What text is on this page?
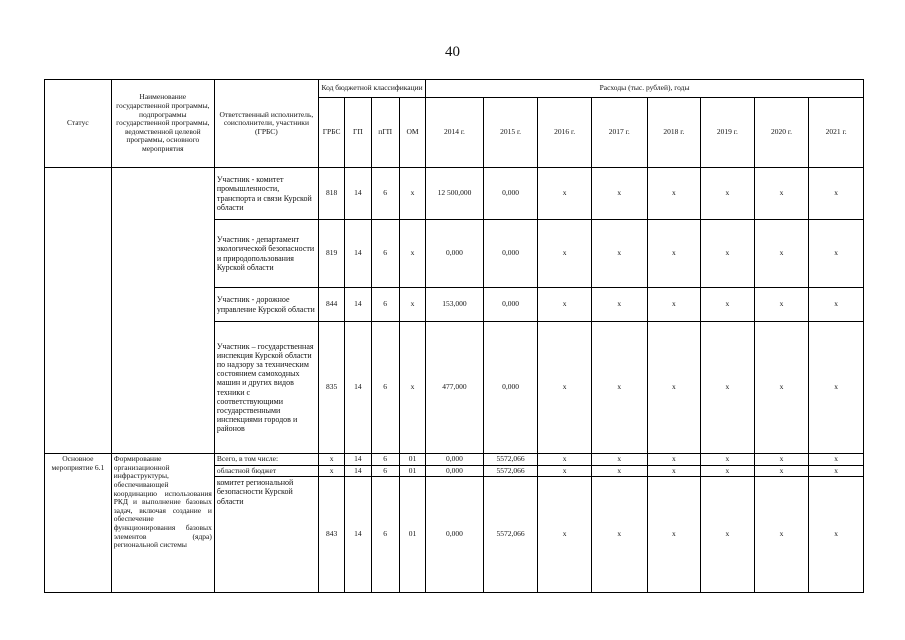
40
Статус	Наименование государственной программы, подпрограммы государственной программы, ведомственной целевой программы, основного мероприятия	Ответственный исполнитель, соисполнители, участники (ГРБС)	Код бюджетной классификации				Расходы (тыс. рублей), годы							
			ГРБС	ГП	пГП	ОМ	2014 г.	2015 г.	2016 г.	2017 г.	2018 г.	2019 г.	2020 г.	2021 г.
		Участник - комитет промышленности, транспорта и связи Курской области	818	14	6	x	12 500,000	0,000	x	x	x	x	x	x
		Участник - департамент экологической безопасности и природопользования Курской области	819	14	6	x	0,000	0,000	x	x	x	x	x	x
		Участник - дорожное управление Курской области	844	14	6	x	153,000	0,000	x	x	x	x	x	x
		Участник – государственная инспекция Курской области по надзору за техническим состоянием самоходных машин и других видов техники с соответствующими государственными инспекциями городов и районов	835	14	6	x	477,000	0,000	x	x	x	x	x	x
Основное мероприятие 6.1	Формирование организационной инфраструктуры, обеспечивающей координацию использования РКД и выполнение базовых задач, включая создание и обеспечение функционирования базовых элементов (ядра) региональной системы	Всего, в том числе:	x	14	6	01	0,000	5572,066	x	x	x	x	x	x
		областной бюджет	x	14	6	01	0,000	5572,066	x	x	x	x	x	x
		комитет региональной безопасности Курской области	843	14	6	01	0,000	5572,066	x	x	x	x	x	x
